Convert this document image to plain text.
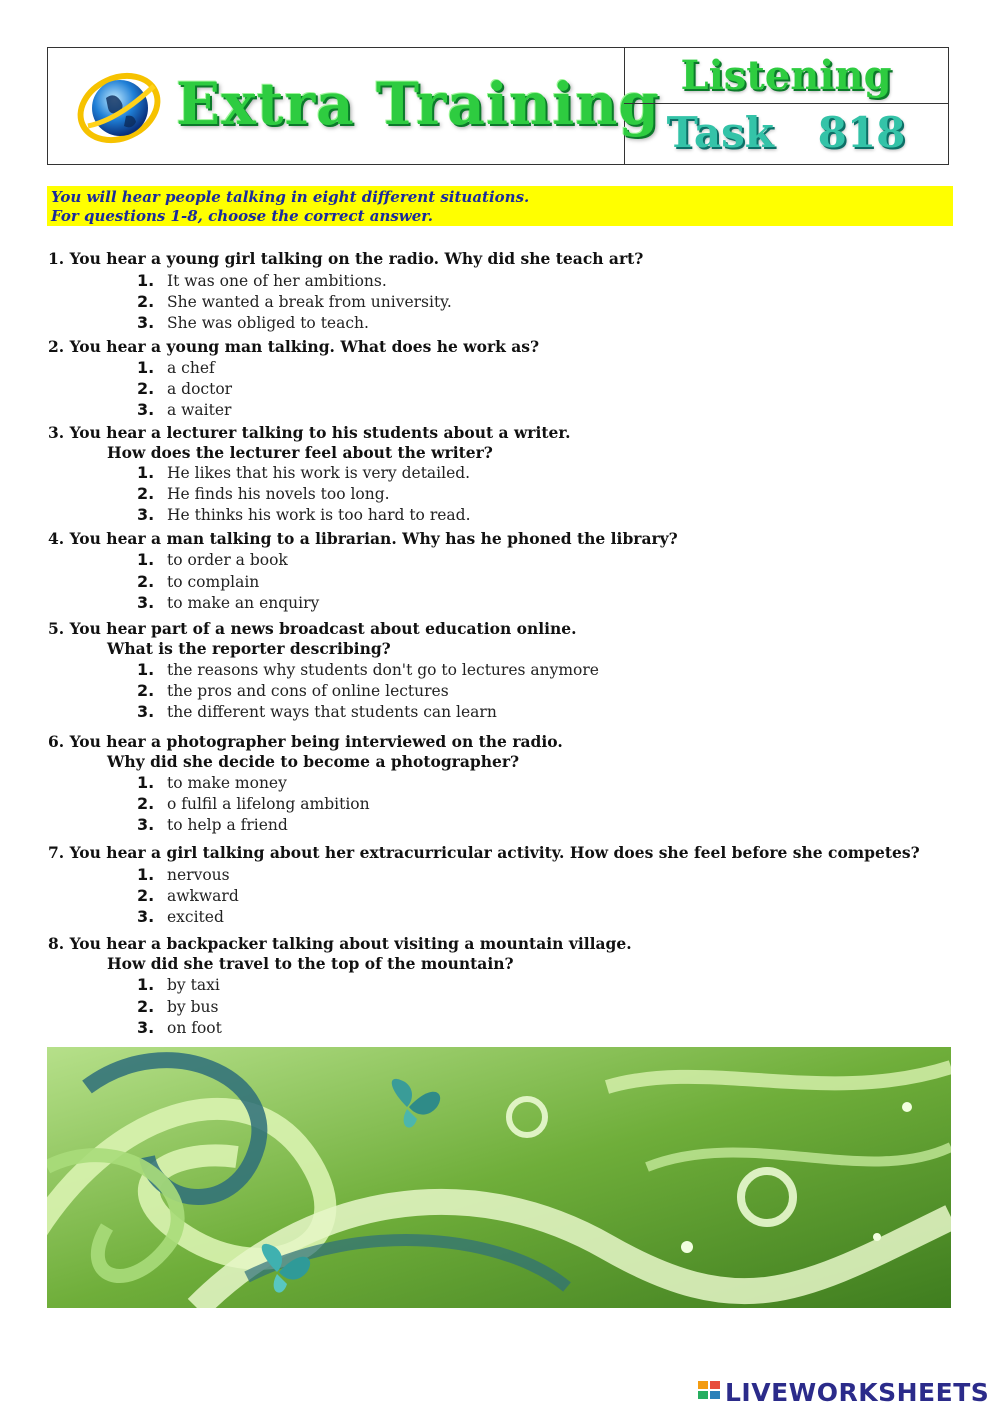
Extra Training Listening
Task   818
You will hear people talking in eight different situations.
For questions 1-8, choose the correct answer.
1. You hear a young girl talking on the radio. Why did she teach art?
1. It was one of her ambitions.
2. She wanted a break from university.
3. She was obliged to teach.
2. You hear a young man talking. What does he work as?
1. a chef
2. a doctor
3. a waiter
3. You hear a lecturer talking to his students about a writer.
How does the lecturer feel about the writer?
1. He likes that his work is very detailed.
2. He finds his novels too long.
3. He thinks his work is too hard to read.
4. You hear a man talking to a librarian. Why has he phoned the library?
1. to order a book
2. to complain
3. to make an enquiry
5. You hear part of a news broadcast about education online.
What is the reporter describing?
1. the reasons why students don't go to lectures anymore
2. the pros and cons of online lectures
3. the different ways that students can learn
6. You hear a photographer being interviewed on the radio.
Why did she decide to become a photographer?
1. to make money
2. o fulfil a lifelong ambition
3. to help a friend
7. You hear a girl talking about her extracurricular activity. How does she feel before she competes?
1. nervous
2. awkward
3. excited
8. You hear a backpacker talking about visiting a mountain village.
How did she travel to the top of the mountain?
1. by taxi
2. by bus
3. on foot
LIVEWORKSHEETS
